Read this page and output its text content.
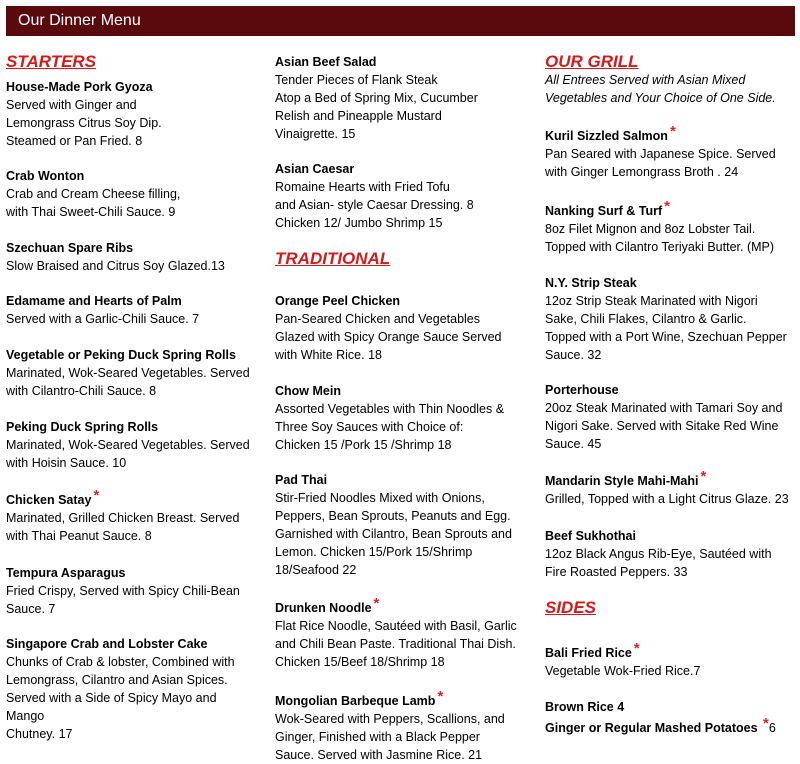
Our Dinner Menu
STARTERS
House-Made Pork Gyoza
Served with Ginger and
Lemongrass Citrus Soy Dip.
Steamed or Pan Fried. 8
Crab Wonton
Crab and Cream Cheese filling,
with Thai Sweet-Chili Sauce. 9
Szechuan Spare Ribs
Slow Braised and Citrus Soy Glazed.13
Edamame and Hearts of Palm
Served with a Garlic-Chili Sauce. 7
Vegetable or Peking Duck Spring Rolls
Marinated, Wok-Seared Vegetables. Served
with Cilantro-Chili Sauce. 8
Peking Duck Spring Rolls
Marinated, Wok-Seared Vegetables. Served
with Hoisin Sauce. 10
Chicken Satay *
Marinated, Grilled Chicken Breast. Served
with Thai Peanut Sauce. 8
Tempura Asparagus
Fried Crispy, Served with Spicy Chili-Bean
Sauce. 7
Singapore Crab and Lobster Cake
Chunks of Crab & lobster, Combined with
Lemongrass, Cilantro and Asian Spices.
Served with a Side of Spicy Mayo and
Mango
Chutney. 17
Asian Beef Salad
Tender Pieces of Flank Steak
Atop a Bed of Spring Mix, Cucumber
Relish and Pineapple Mustard
Vinaigrette. 15
Asian Caesar
Romaine Hearts with Fried Tofu
and Asian- style Caesar Dressing. 8
Chicken 12/ Jumbo Shrimp 15
TRADITIONAL
Orange Peel Chicken
Pan-Seared Chicken and Vegetables
Glazed with Spicy Orange Sauce Served
with White Rice. 18
Chow Mein
Assorted Vegetables with Thin Noodles &
Three Soy Sauces with Choice of:
Chicken 15 /Pork 15 /Shrimp 18
Pad Thai
Stir-Fried Noodles Mixed with Onions,
Peppers, Bean Sprouts, Peanuts and Egg.
Garnished with Cilantro, Bean Sprouts and
Lemon. Chicken 15/Pork 15/Shrimp
18/Seafood 22
Drunken Noodle *
Flat Rice Noodle, Sautéed with Basil, Garlic
and Chili Bean Paste. Traditional Thai Dish.
Chicken 15/Beef 18/Shrimp 18
Mongolian Barbeque Lamb *
Wok-Seared with Peppers, Scallions, and
Ginger, Finished with a Black Pepper
Sauce. Served with Jasmine Rice. 21
OUR GRILL
All Entrees Served with Asian Mixed
Vegetables and Your Choice of One Side.
Kuril Sizzled Salmon *
Pan Seared with Japanese Spice. Served
with Ginger Lemongrass Broth . 24
Nanking Surf & Turf *
8oz Filet Mignon and 8oz Lobster Tail.
Topped with Cilantro Teriyaki Butter. (MP)
N.Y. Strip Steak
12oz Strip Steak Marinated with Nigori
Sake, Chili Flakes, Cilantro & Garlic.
Topped with a Port Wine, Szechuan Pepper
Sauce. 32
Porterhouse
20oz Steak Marinated with Tamari Soy and
Nigori Sake. Served with Sitake Red Wine
Sauce. 45
Mandarin Style Mahi-Mahi *
Grilled, Topped with a Light Citrus Glaze. 23
Beef Sukhothai
12oz Black Angus Rib-Eye, Sautéed with
Fire Roasted Peppers. 33
SIDES
Bali Fried Rice *
Vegetable Wok-Fried Rice.7
Brown Rice 4
Ginger or Regular Mashed Potatoes *6
